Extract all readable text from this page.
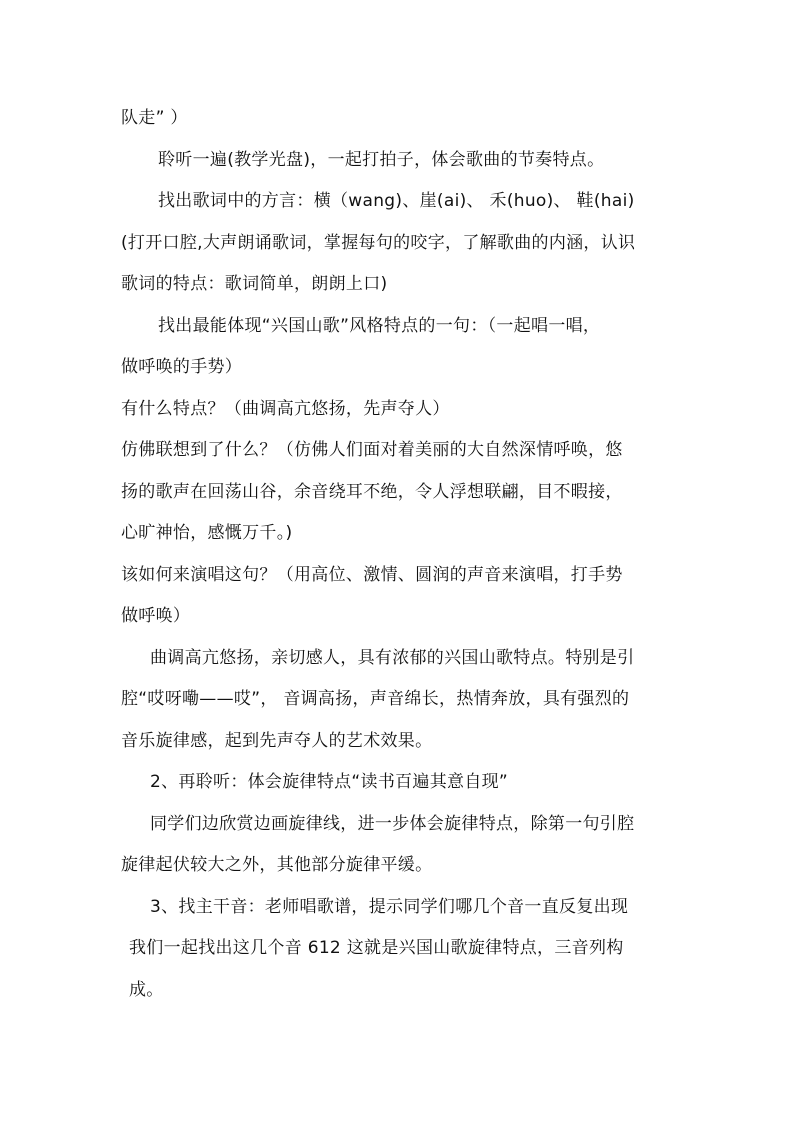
队走” ）
聆听一遍(教学光盘)，一起打拍子，体会歌曲的节奏特点。
找出歌词中的方言：横（wang)、崖(ai)、 禾(huo)、 鞋(hai)
(打开口腔,大声朗诵歌词，掌握每句的咬字，了解歌曲的内涵，认识
歌词的特点：歌词简单，朗朗上口)
找出最能体现“兴国山歌”风格特点的一句：（一起唱一唱，
做呼唤的手势）
有什么特点？（曲调高亢悠扬，先声夺人）
仿佛联想到了什么？（仿佛人们面对着美丽的大自然深情呼唤，悠
扬的歌声在回荡山谷，余音绕耳不绝，令人浮想联翩，目不暇接，
心旷神怡，感慨万千。)
该如何来演唱这句？（用高位、激情、圆润的声音来演唱，打手势
做呼唤）
曲调高亢悠扬，亲切感人，具有浓郁的兴国山歌特点。特别是引
腔“哎呀嘞——哎”， 音调高扬，声音绵长，热情奔放，具有强烈的
音乐旋律感，起到先声夺人的艺术效果。
2、再聆听：体会旋律特点“读书百遍其意自现”
同学们边欣赏边画旋律线，进一步体会旋律特点，除第一句引腔
旋律起伏较大之外，其他部分旋律平缓。
3、找主干音：老师唱歌谱，提示同学们哪几个音一直反复出现
我们一起找出这几个音 612 这就是兴国山歌旋律特点，三音列构
成。
